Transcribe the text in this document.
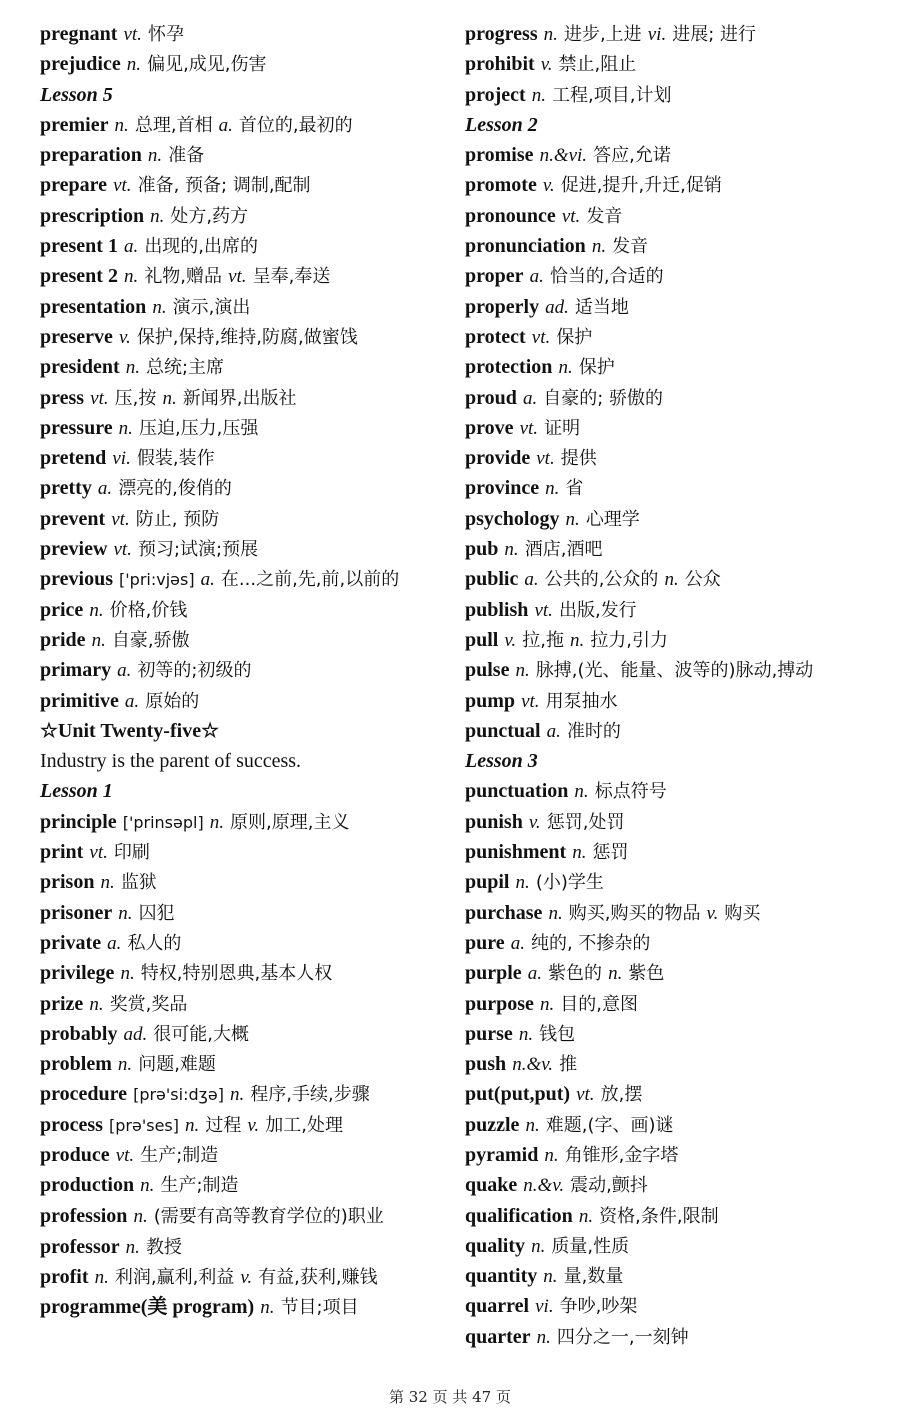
pregnant vt. 怀孕
prejudice n. 偏见,成见,伤害
Lesson 5
premier n. 总理,首相 a. 首位的,最初的
preparation n. 准备
prepare vt. 准备, 预备; 调制,配制
prescription n. 处方,药方
present 1 a. 出现的,出席的
present 2 n. 礼物,赠品 vt. 呈奉,奉送
presentation n. 演示,演出
preserve v. 保护,保持,维持,防腐,做蜜饯
president n. 总统;主席
press vt. 压,按 n. 新闻界,出版社
pressure n. 压迫,压力,压强
pretend vi. 假装,装作
pretty a. 漂亮的,俊俏的
prevent vt. 防止, 预防
preview vt. 预习;试演;预展
previous ['pri:vjəs] a. 在...之前,先,前,以前的
price n. 价格,价钱
pride n. 自豪,骄傲
primary a. 初等的;初级的
primitive a. 原始的
☆Unit Twenty-five☆
Industry is the parent of success.
Lesson 1
principle ['prinsəpl] n. 原则,原理,主义
print vt. 印刷
prison n. 监狱
prisoner n. 囚犯
private a. 私人的
privilege n. 特权,特别恩典,基本人权
prize n. 奖赏,奖品
probably ad. 很可能,大概
problem n. 问题,难题
procedure [prə'si:dʒə] n. 程序,手续,步骤
process [prə'ses] n. 过程 v. 加工,处理
produce vt. 生产;制造
production n. 生产;制造
profession n. (需要有高等教育学位的)职业
professor n. 教授
profit n. 利润,赢利,利益 v. 有益,获利,赚钱
programme(美 program) n. 节目;项目
progress n. 进步,上进 vi. 进展; 进行
prohibit v. 禁止,阻止
project n. 工程,项目,计划
Lesson 2
promise n.&vi. 答应,允诺
promote v. 促进,提升,升迁,促销
pronounce vt. 发音
pronunciation n. 发音
proper a. 恰当的,合适的
properly ad. 适当地
protect vt. 保护
protection n. 保护
proud a. 自豪的; 骄傲的
prove vt. 证明
provide vt. 提供
province n. 省
psychology n. 心理学
pub n. 酒店,酒吧
public a. 公共的,公众的 n. 公众
publish vt. 出版,发行
pull v. 拉,拖 n. 拉力,引力
pulse n. 脉搏,(光、能量、波等的)脉动,搏动
pump vt. 用泵抽水
punctual a. 准时的
Lesson 3
punctuation n. 标点符号
punish v. 惩罚,处罚
punishment n. 惩罚
pupil n. (小)学生
purchase n. 购买,购买的物品 v. 购买
pure a. 纯的, 不掺杂的
purple a. 紫色的 n. 紫色
purpose n. 目的,意图
purse n. 钱包
push n.&v. 推
put(put,put) vt. 放,摆
puzzle n. 难题,(字、画)谜
pyramid n. 角锥形,金字塔
quake n.&v. 震动,颤抖
qualification n. 资格,条件,限制
quality n. 质量,性质
quantity n. 量,数量
quarrel vi. 争吵,吵架
quarter n. 四分之一,一刻钟
第 32 页 共 47 页
